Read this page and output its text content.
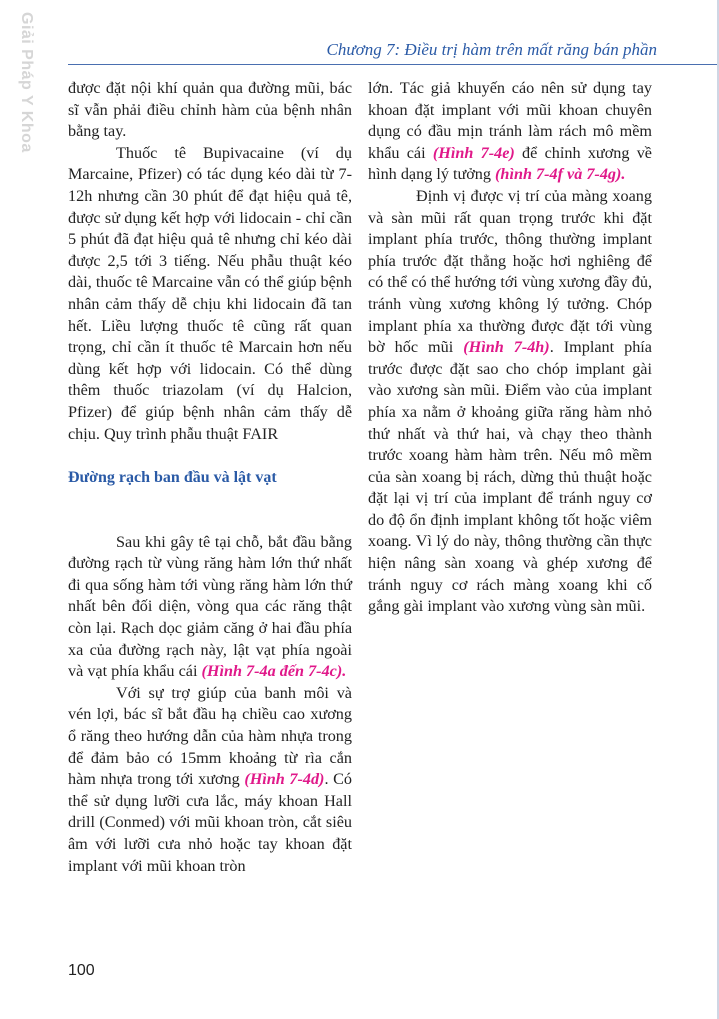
Giải Pháp Y Khoa	Chương 7: Điều trị hàm trên mất răng bán phần

được đặt nội khí quản qua đường mũi, bác sĩ vẫn phải điều chỉnh hàm của bệnh nhân bằng tay.

Thuốc tê Bupivacaine (ví dụ Marcaine, Pfizer) có tác dụng kéo dài từ 7-12h nhưng cần 30 phút để đạt hiệu quả tê, được sử dụng kết hợp với lidocain - chỉ cần 5 phút đã đạt hiệu quả tê nhưng chỉ kéo dài được 2,5 tới 3 tiếng. Nếu phẫu thuật kéo dài, thuốc tê Marcaine vẫn có thể giúp bệnh nhân cảm thấy dễ chịu khi lidocain đã tan hết. Liều lượng thuốc tê cũng rất quan trọng, chỉ cần ít thuốc tê Marcain hơn nếu dùng kết hợp với lidocain. Có thể dùng thêm thuốc triazolam (ví dụ Halcion, Pfizer) để giúp bệnh nhân cảm thấy dễ chịu. Quy trình phẫu thuật FAIR

Đường rạch ban đầu và lật vạt

Sau khi gây tê tại chỗ, bắt đầu bằng đường rạch từ vùng răng hàm lớn thứ nhất đi qua sống hàm tới vùng răng hàm lớn thứ nhất bên đối diện, vòng qua các răng thật còn lại. Rạch dọc giảm căng ở hai đầu phía xa của đường rạch này, lật vạt phía ngoài và vạt phía khẩu cái (Hình 7-4a đến 7-4c).

Với sự trợ giúp của banh môi và vén lợi, bác sĩ bắt đầu hạ chiều cao xương ổ răng theo hướng dẫn của hàm nhựa trong để đảm bảo có 15mm khoảng từ rìa cắn hàm nhựa trong tới xương (Hình 7-4d). Có thể sử dụng lưỡi cưa lắc, máy khoan Hall drill (Conmed) với mũi khoan tròn, cắt siêu âm với lưỡi cưa nhỏ hoặc tay khoan đặt implant với mũi khoan tròn

lớn. Tác giả khuyến cáo nên sử dụng tay khoan đặt implant với mũi khoan chuyên dụng có đầu mịn tránh làm rách mô mềm khẩu cái (Hình 7-4e) để chỉnh xương về hình dạng lý tưởng (hình 7-4f và 7-4g).

Định vị được vị trí của màng xoang và sàn mũi rất quan trọng trước khi đặt implant phía trước, thông thường implant phía trước đặt thẳng hoặc hơi nghiêng để có thể có thể hướng tới vùng xương đầy đủ, tránh vùng xương không lý tưởng. Chóp implant phía xa thường được đặt tới vùng bờ hốc mũi (Hình 7-4h). Implant phía trước được đặt sao cho chóp implant gài vào xương sàn mũi. Điểm vào của implant phía xa nằm ở khoảng giữa răng hàm nhỏ thứ nhất và thứ hai, và chạy theo thành trước xoang hàm hàm trên. Nếu mô mềm của sàn xoang bị rách, dừng thủ thuật hoặc đặt lại vị trí của implant để tránh nguy cơ do độ ổn định implant không tốt hoặc viêm xoang. Vì lý do này, thông thường cần thực hiện nâng sàn xoang và ghép xương để tránh nguy cơ rách màng xoang khi cố gắng gài implant vào xương vùng sàn mũi.

100
